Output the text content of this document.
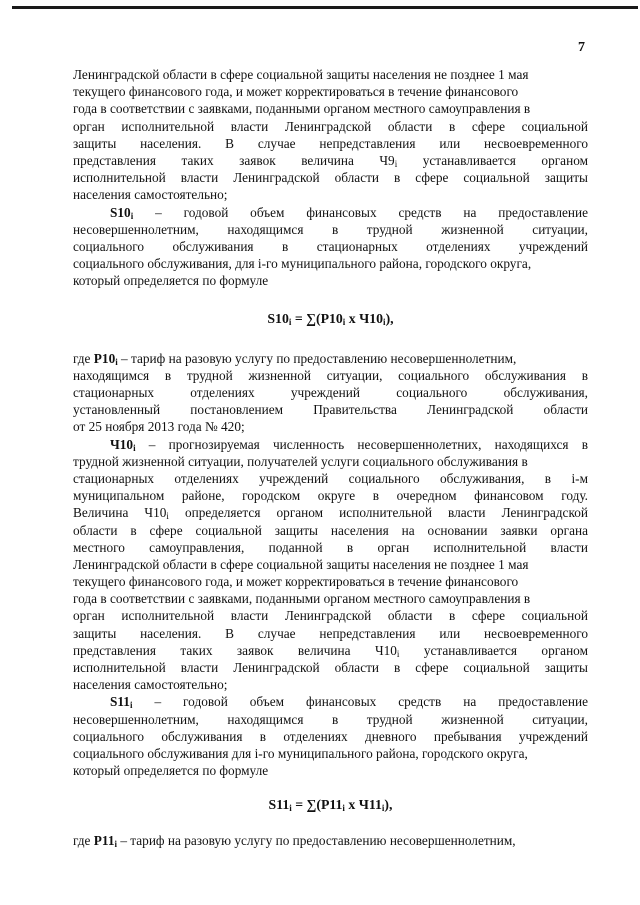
7
Ленинградской области в сфере социальной защиты населения не позднее 1 мая
текущего финансового года, и может корректироваться в течение финансового
года в соответствии с заявками, поданными органом местного самоуправления в
орган исполнительной власти Ленинградской области в сфере социальной
защиты населения. В случае непредставления или несвоевременного
представления таких заявок величина $Ч9_i$ устанавливается органом
исполнительной власти Ленинградской области в сфере социальной защиты
населения самостоятельно;
$S10_i$ – годовой объем финансовых средств на предоставление
несовершеннолетним, находящимся в трудной жизненной ситуации,
социального обслуживания в стационарных отделениях учреждений
социального обслуживания, для i-го муниципального района, городского округа,
который определяется по формуле
$S10_i = \sum(P10_i$ x $Ч10_i$),
где $P10_i$ – тариф на разовую услугу по предоставлению несовершеннолетним,
находящимся в трудной жизненной ситуации, социального обслуживания в
стационарных отделениях учреждений социального обслуживания,
установленный постановлением Правительства Ленинградской области
от 25 ноября 2013 года № 420;
$Ч10_i$ – прогнозируемая численность несовершеннолетних, находящихся в
трудной жизненной ситуации, получателей услуги социального обслуживания в
стационарных отделениях учреждений социального обслуживания, в i-м
муниципальном районе, городском округе в очередном финансовом году.
Величина $Ч10_i$ определяется органом исполнительной власти Ленинградской
области в сфере социальной защиты населения на основании заявки органа
местного самоуправления, поданной в орган исполнительной власти
Ленинградской области в сфере социальной защиты населения не позднее 1 мая
текущего финансового года, и может корректироваться в течение финансового
года в соответствии с заявками, поданными органом местного самоуправления в
орган исполнительной власти Ленинградской области в сфере социальной
защиты населения. В случае непредставления или несвоевременного
представления таких заявок величина $Ч10_i$ устанавливается органом
исполнительной власти Ленинградской области в сфере социальной защиты
населения самостоятельно;
$S11_i$ – годовой объем финансовых средств на предоставление
несовершеннолетним, находящимся в трудной жизненной ситуации,
социального обслуживания в отделениях дневного пребывания учреждений
социального обслуживания для i-го муниципального района, городского округа,
который определяется по формуле
$S11_i = \sum(P11_i$ x $Ч11_i$),
где $P11_i$ – тариф на разовую услугу по предоставлению несовершеннолетним,
